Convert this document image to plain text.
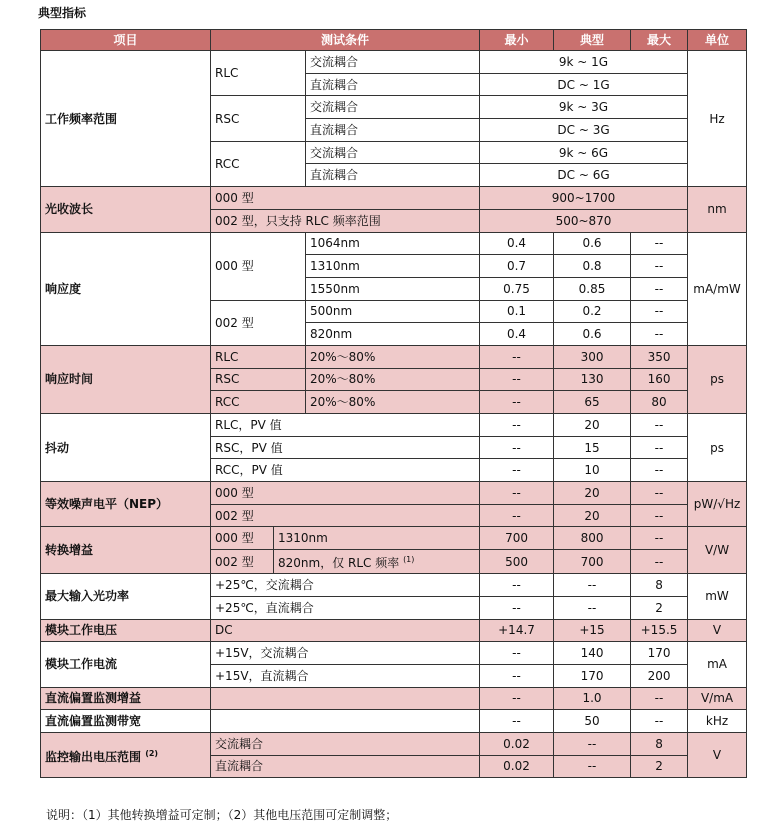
典型指标
项目	测试条件			最小	典型	最大	单位
工作频率范围	RLC		交流耦合	9k ~ 1G			Hz
			直流耦合	DC ~ 1G			
	RSC		交流耦合	9k ~ 3G			
			直流耦合	DC ~ 3G			
	RCC		交流耦合	9k ~ 6G			
			直流耦合	DC ~ 6G			
光收波长	000 型			900~1700			nm
	002 型，只支持 RLC 频率范围			500~870			
响应度	000 型		1064nm	0.4	0.6	--	mA/mW
			1310nm	0.7	0.8	--	
			1550nm	0.75	0.85	--	
	002 型		500nm	0.1	0.2	--	
			820nm	0.4	0.6	--	
响应时间	RLC		20%～80%	--	300	350	ps
	RSC		20%～80%	--	130	160	
	RCC		20%～80%	--	65	80	
抖动	RLC，PV 值			--	20	--	ps
	RSC，PV 值			--	15	--	
	RCC，PV 值			--	10	--	
等效噪声电平（NEP）	000 型			--	20	--	pW/√Hz
	002 型			--	20	--	
转换增益	000 型	1310nm		700	800	--	V/W
	002 型	820nm，仅 RLC 频率 $^{(1)}$		500	700	--	
最大输入光功率	+25℃，交流耦合			--	--	8	mW
	+25℃，直流耦合			--	--	2	
模块工作电压	DC			+14.7	+15	+15.5	V
模块工作电流	+15V，交流耦合			--	140	170	mA
	+15V，直流耦合			--	170	200	
直流偏置监测增益				--	1.0	--	V/mA
直流偏置监测带宽				--	50	--	kHz
监控输出电压范围 $^{(2)}$	交流耦合			0.02	--	8	V
	直流耦合			0.02	--	2	
说明：（1）其他转换增益可定制；（2）其他电压范围可定制调整；
